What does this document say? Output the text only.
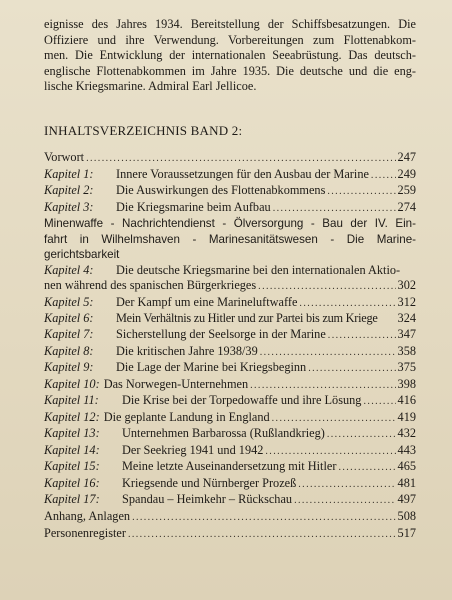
eignisse des Jahres 1934. Bereitstellung der Schiffsbesatzungen. Die
Offiziere und ihre Verwendung. Vorbereitungen zum Flottenabkom-
men. Die Entwicklung der internationalen Seeabrüstung. Das deutsch-
englische Flottenabkommen im Jahre 1935. Die deutsche und die eng-
lische Kriegsmarine. Admiral Earl Jellicoe.
INHALTSVERZEICHNIS BAND 2:
Vorwort .....	247
Kapitel 1:	Innere Voraussetzungen für den Ausbau der Marine ..... 249
Kapitel 2:	Die Auswirkungen des Flottenabkommens .....	259
Kapitel 3:	Die Kriegsmarine beim Aufbau .....	274
Minenwaffe - Nachrichtendienst - Ölversorgung - Bau der IV. Ein-
fahrt in Wilhelmshaven - Marinesanitätswesen - Die Marine-
gerichtsbarkeit
Kapitel 4:	Die deutsche Kriegsmarine bei den internationalen Aktio-
nen während des spanischen Bürgerkrieges .....	302
Kapitel 5:	Der Kampf um eine Marineluftwaffe .....	312
Kapitel 6:	Mein Verhältnis zu Hitler und zur Partei bis zum Kriege	324
Kapitel 7:	Sicherstellung der Seelsorge in der Marine .....	347
Kapitel 8:	Die kritischen Jahre 1938/39 .....	358
Kapitel 9:	Die Lage der Marine bei Kriegsbeginn .....	375
Kapitel 10: Das Norwegen-Unternehmen .....	398
Kapitel 11:	Die Krise bei der Torpedowaffe und ihre Lösung .....	416
Kapitel 12: Die geplante Landung in England .....	419
Kapitel 13:	Unternehmen Barbarossa (Rußlandkrieg) .....	432
Kapitel 14:	Der Seekrieg 1941 und 1942 .....	443
Kapitel 15:	Meine letzte Auseinandersetzung mit Hitler .....	465
Kapitel 16:	Kriegsende und Nürnberger Prozeß .....	481
Kapitel 17:	Spandau – Heimkehr – Rückschau .....	497
Anhang, Anlagen .....	508
Personenregister .....	517
